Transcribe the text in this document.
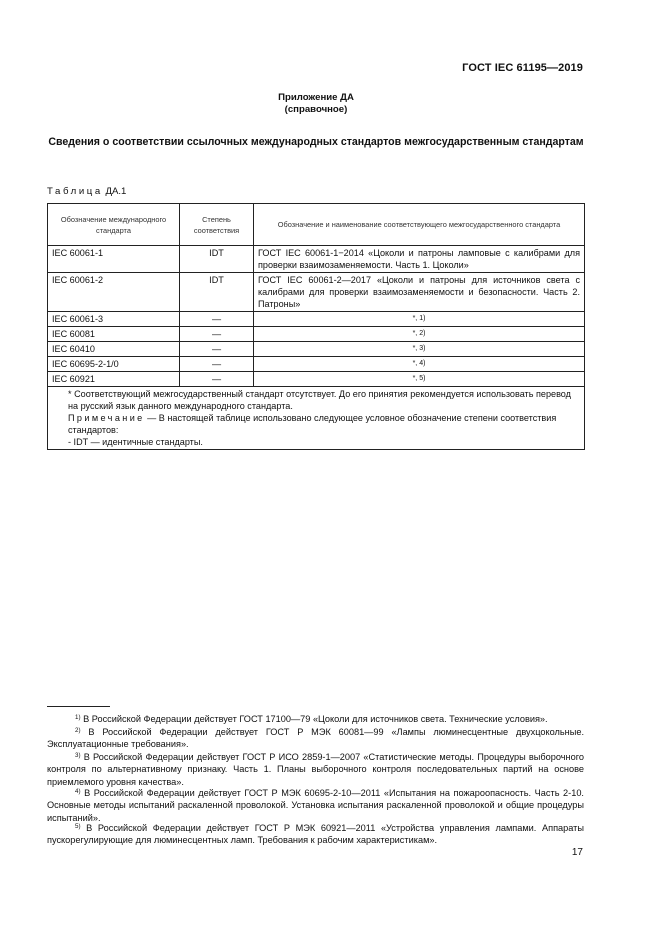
ГОСТ IEC 61195—2019
Приложение ДА
(справочное)
Сведения о соответствии ссылочных международных стандартов межгосударственным стандартам
Таблица ДА.1
Обозначение международного стандарта	Степень соответствия	Обозначение и наименование соответствующего межгосударственного стандарта
IEC 60061-1	IDT	ГОСТ IEC 60061-1−2014 «Цоколи и патроны ламповые с калибрами для проверки взаимозаменяемости. Часть 1. Цоколи»
IEC 60061-2	IDT	ГОСТ IEC 60061-2—2017 «Цоколи и патроны для источников света с калибрами для проверки взаимозаменяемости и безопасности. Часть 2. Патроны»
IEC 60061-3	—	*, 1)
IEC 60081	—	*, 2)
IEC 60410	—	*, 3)
IEC 60695-2-1/0	—	*, 4)
IEC 60921	—	*, 5)

* Соответствующий межгосударственный стандарт отсутствует. До его принятия рекомендуется использовать перевод на русский язык данного международного стандарта.
Примечание — В настоящей таблице использовано следующее условное обозначение степени соответствия стандартов:
- IDT — идентичные стандарты.		
$^{1)}$ В Российской Федерации действует ГОСТ 17100—79 «Цоколи для источников света. Технические условия».
$^{2)}$ В Российской Федерации действует ГОСТ Р МЭК 60081—99 «Лампы люминесцентные двухцокольные. Эксплуатационные требования».
$^{3)}$ В Российской Федерации действует ГОСТ Р ИСО 2859-1—2007 «Статистические методы. Процедуры выборочного контроля по альтернативному признаку. Часть 1. Планы выборочного контроля последовательных партий на основе приемлемого уровня качества».
$^{4)}$ В Российской Федерации действует ГОСТ Р МЭК 60695-2-10—2011 «Испытания на пожароопасность. Часть 2-10. Основные методы испытаний раскаленной проволокой. Установка испытания раскаленной проволокой и общие процедуры испытаний».
$^{5)}$ В Российской Федерации действует ГОСТ Р МЭК 60921—2011 «Устройства управления лампами. Аппараты пускорегулирующие для люминесцентных ламп. Требования к рабочим характеристикам».
17
